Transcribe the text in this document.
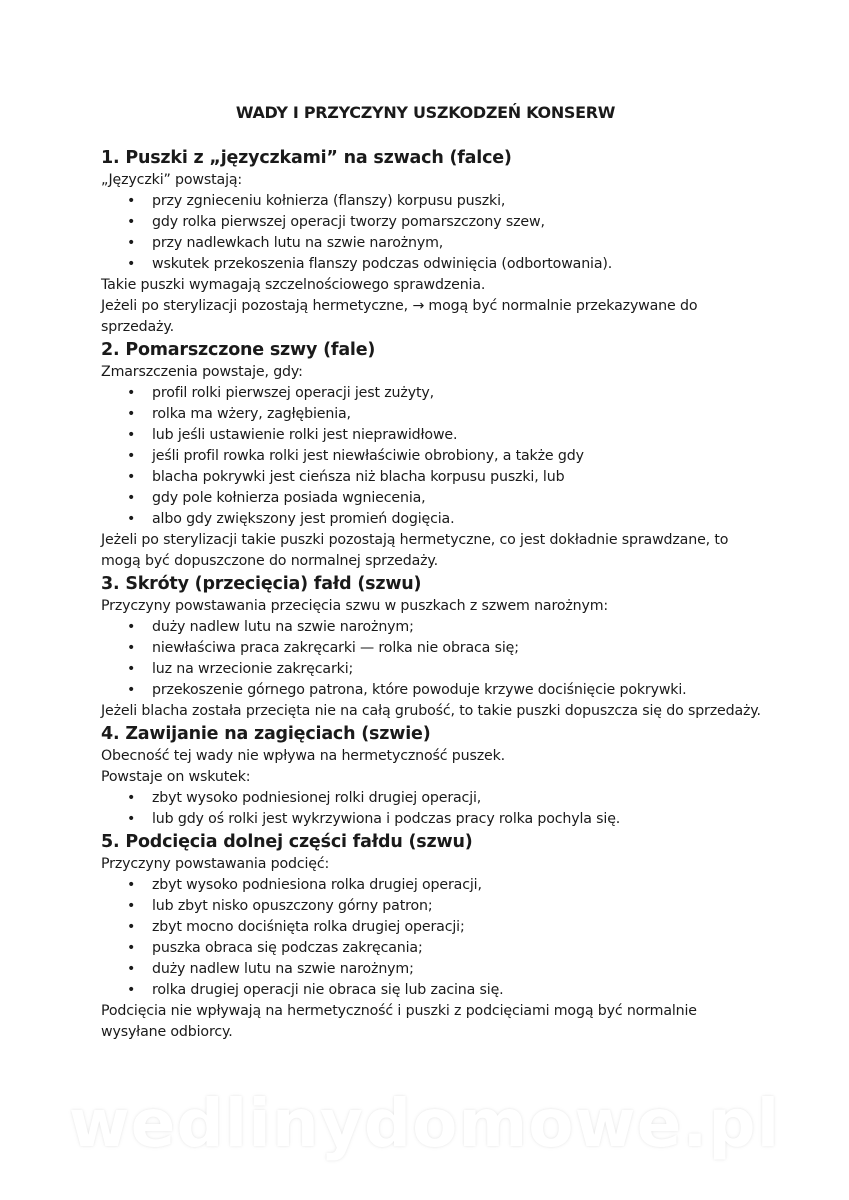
WADY I PRZYCZYNY USZKODZEŃ KONSERW
1. Puszki z „języczkami” na szwach (falce)

„Języczki” powstają:

• przy zgnieceniu kołnierza (flanszy) korpusu puszki,
• gdy rolka pierwszej operacji tworzy pomarszczony szew,
• przy nadlewkach lutu na szwie narożnym,
• wskutek przekoszenia flanszy podczas odwinięcia (odbortowania).

Takie puszki wymagają szczelnościowego sprawdzenia.

Jeżeli po sterylizacji pozostają hermetyczne, → mogą być normalnie przekazywane do sprzedaży.

2. Pomarszczone szwy (fale)

Zmarszczenia powstaje, gdy:

• profil rolki pierwszej operacji jest zużyty,
• rolka ma wżery, zagłębienia,
• lub jeśli ustawienie rolki jest nieprawidłowe.
• jeśli profil rowka rolki jest niewłaściwie obrobiony, a także gdy
• blacha pokrywki jest cieńsza niż blacha korpusu puszki, lub
• gdy pole kołnierza posiada wgniecenia,
• albo gdy zwiększony jest promień dogięcia.

Jeżeli po sterylizacji takie puszki pozostają hermetyczne, co jest dokładnie sprawdzane, to mogą być dopuszczone do normalnej sprzedaży.

3. Skróty (przecięcia) fałd (szwu)

Przyczyny powstawania przecięcia szwu w puszkach z szwem narożnym:

• duży nadlew lutu na szwie narożnym;
• niewłaściwa praca zakręcarki — rolka nie obraca się;
• luz na wrzecionie zakręcarki;
• przekoszenie górnego patrona, które powoduje krzywe dociśnięcie pokrywki.

Jeżeli blacha została przecięta nie na całą grubość, to takie puszki dopuszcza się do sprzedaży.

4. Zawijanie na zagięciach (szwie)

Obecność tej wady nie wpływa na hermetyczność puszek.

Powstaje on wskutek:

• zbyt wysoko podniesionej rolki drugiej operacji,
• lub gdy oś rolki jest wykrzywiona i podczas pracy rolka pochyla się.
5. Podcięcia dolnej części fałdu (szwu)

Przyczyny powstawania podcięć:

• zbyt wysoko podniesiona rolka drugiej operacji,
• lub zbyt nisko opuszczony górny patron;
• zbyt mocno dociśnięta rolka drugiej operacji;
• puszka obraca się podczas zakręcania;
• duży nadlew lutu na szwie narożnym;
• rolka drugiej operacji nie obraca się lub zacina się.

Podcięcia nie wpływają na hermetyczność i puszki z podcięciami mogą być normalnie wysyłane odbiorcy.

wedlinydomowe.pl
